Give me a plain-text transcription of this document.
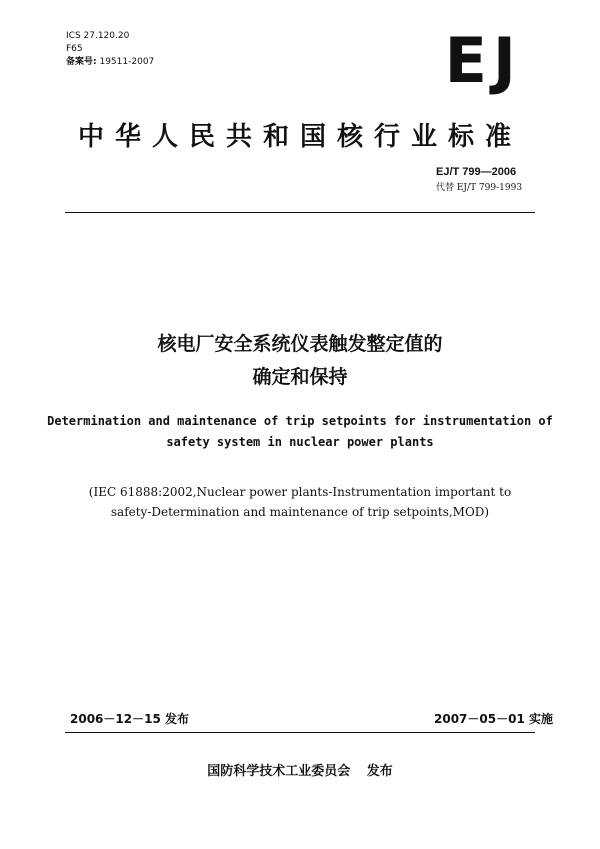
ICS 27.120.20
F65
备案号: 19511-2007	EJ
中华人民共和国核行业标准
EJ/T 799—2006
代替 EJ/T 799-1993
核电厂安全系统仪表触发整定值的
确定和保持
Determination and maintenance of trip setpoints for instrumentation of
safety system in nuclear power plants
(IEC 61888:2002,Nuclear power plants-Instrumentation important to
safety-Determination and maintenance of trip setpoints,MOD)
2006－12－15 发布	2007－05－01 实施
国防科学技术工业委员会 发布
